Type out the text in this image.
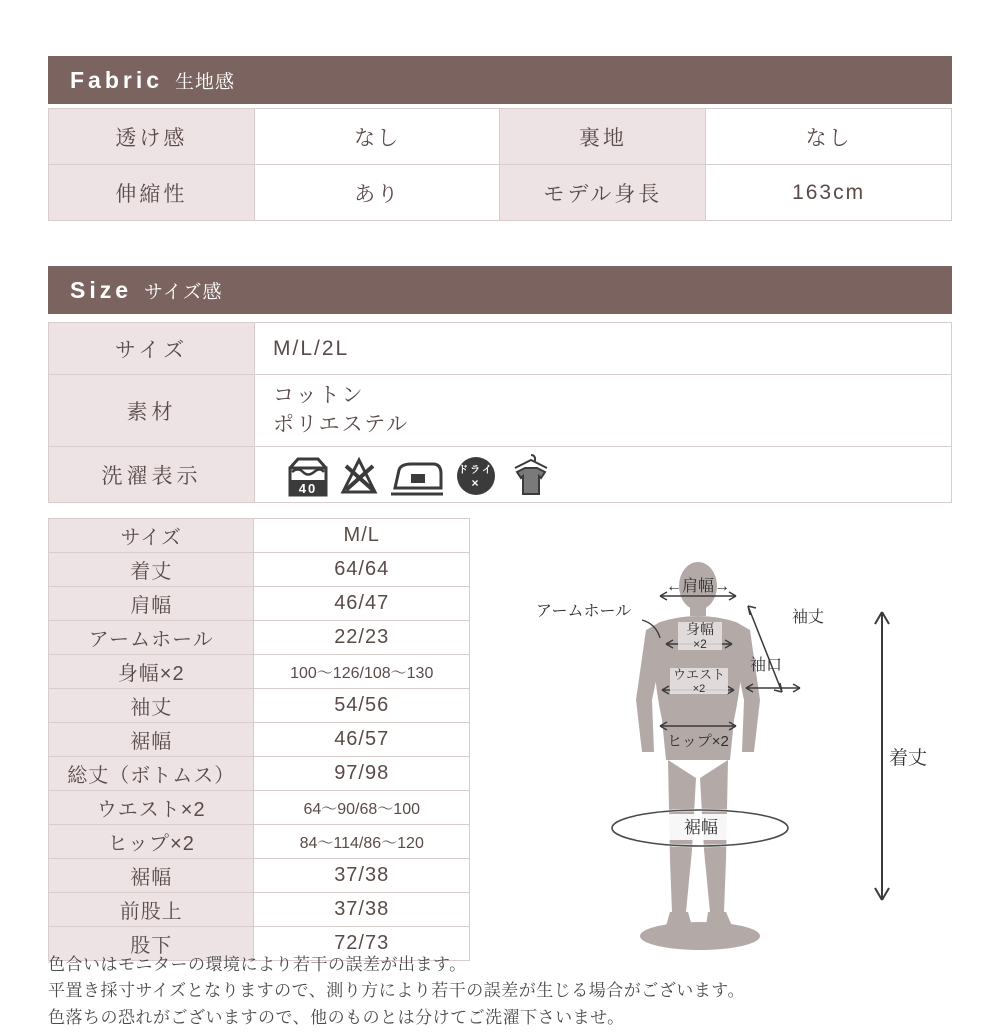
Fabric 生地感
透け感	なし	裏地	なし
伸縮性	あり	モデル身長	163cm
Size サイズ感
サイズ	M/L/2L
素材	コットン
ポリエステル

洗濯表示	40
ドライ
×
サイズ	M/L
着丈	64/64
肩幅	46/47
アームホール	22/23
身幅×2	100〜126/108〜130
袖丈	54/56
裾幅	46/57
総丈（ボトムス）	97/98
ウエスト×2	64〜90/68〜100
ヒップ×2	84〜114/86〜120
裾幅	37/38
前股上	37/38
股下	72/73
←肩幅→
アームホール
身幅
×2
袖丈
ウエスト
×2
袖口
ヒップ×2
着丈
裾幅
色合いはモニターの環境により若干の誤差が出ます。
平置き採寸サイズとなりますので、測り方により若干の誤差が生じる場合がございます。
色落ちの恐れがございますので、他のものとは分けてご洗濯下さいませ。
